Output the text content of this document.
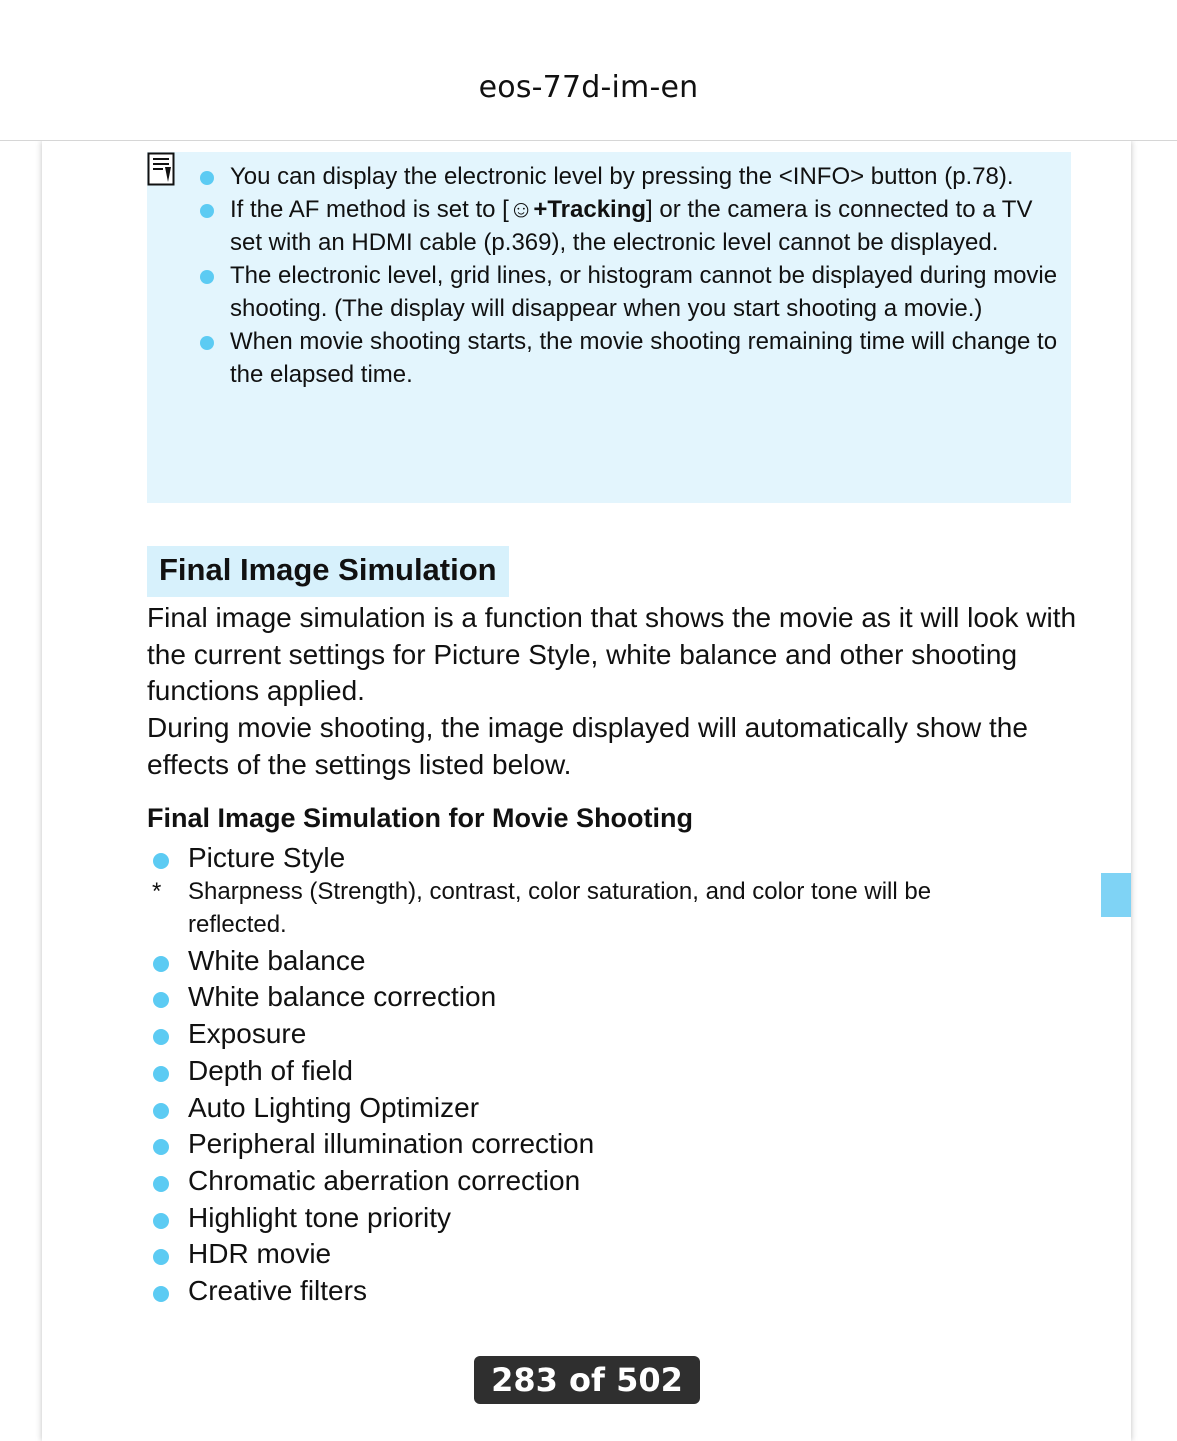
eos-77d-im-en
You can display the electronic level by pressing the <INFO> button (p.78).
If the AF method is set to [☺+Tracking] or the camera is connected to a TV set with an HDMI cable (p.369), the electronic level cannot be displayed.
The electronic level, grid lines, or histogram cannot be displayed during movie shooting. (The display will disappear when you start shooting a movie.)
When movie shooting starts, the movie shooting remaining time will change to the elapsed time.
Final Image Simulation

Final image simulation is a function that shows the movie as it will look with the current settings for Picture Style, white balance and other shooting functions applied.

During movie shooting, the image displayed will automatically show the effects of the settings listed below.

Final Image Simulation for Movie Shooting
Picture Style
* Sharpness (Strength), contrast, color saturation, and color tone will be reflected.
White balance
White balance correction
Exposure
Depth of field
Auto Lighting Optimizer
Peripheral illumination correction
Chromatic aberration correction
Highlight tone priority
HDR movie
Creative filters
283 of 502
